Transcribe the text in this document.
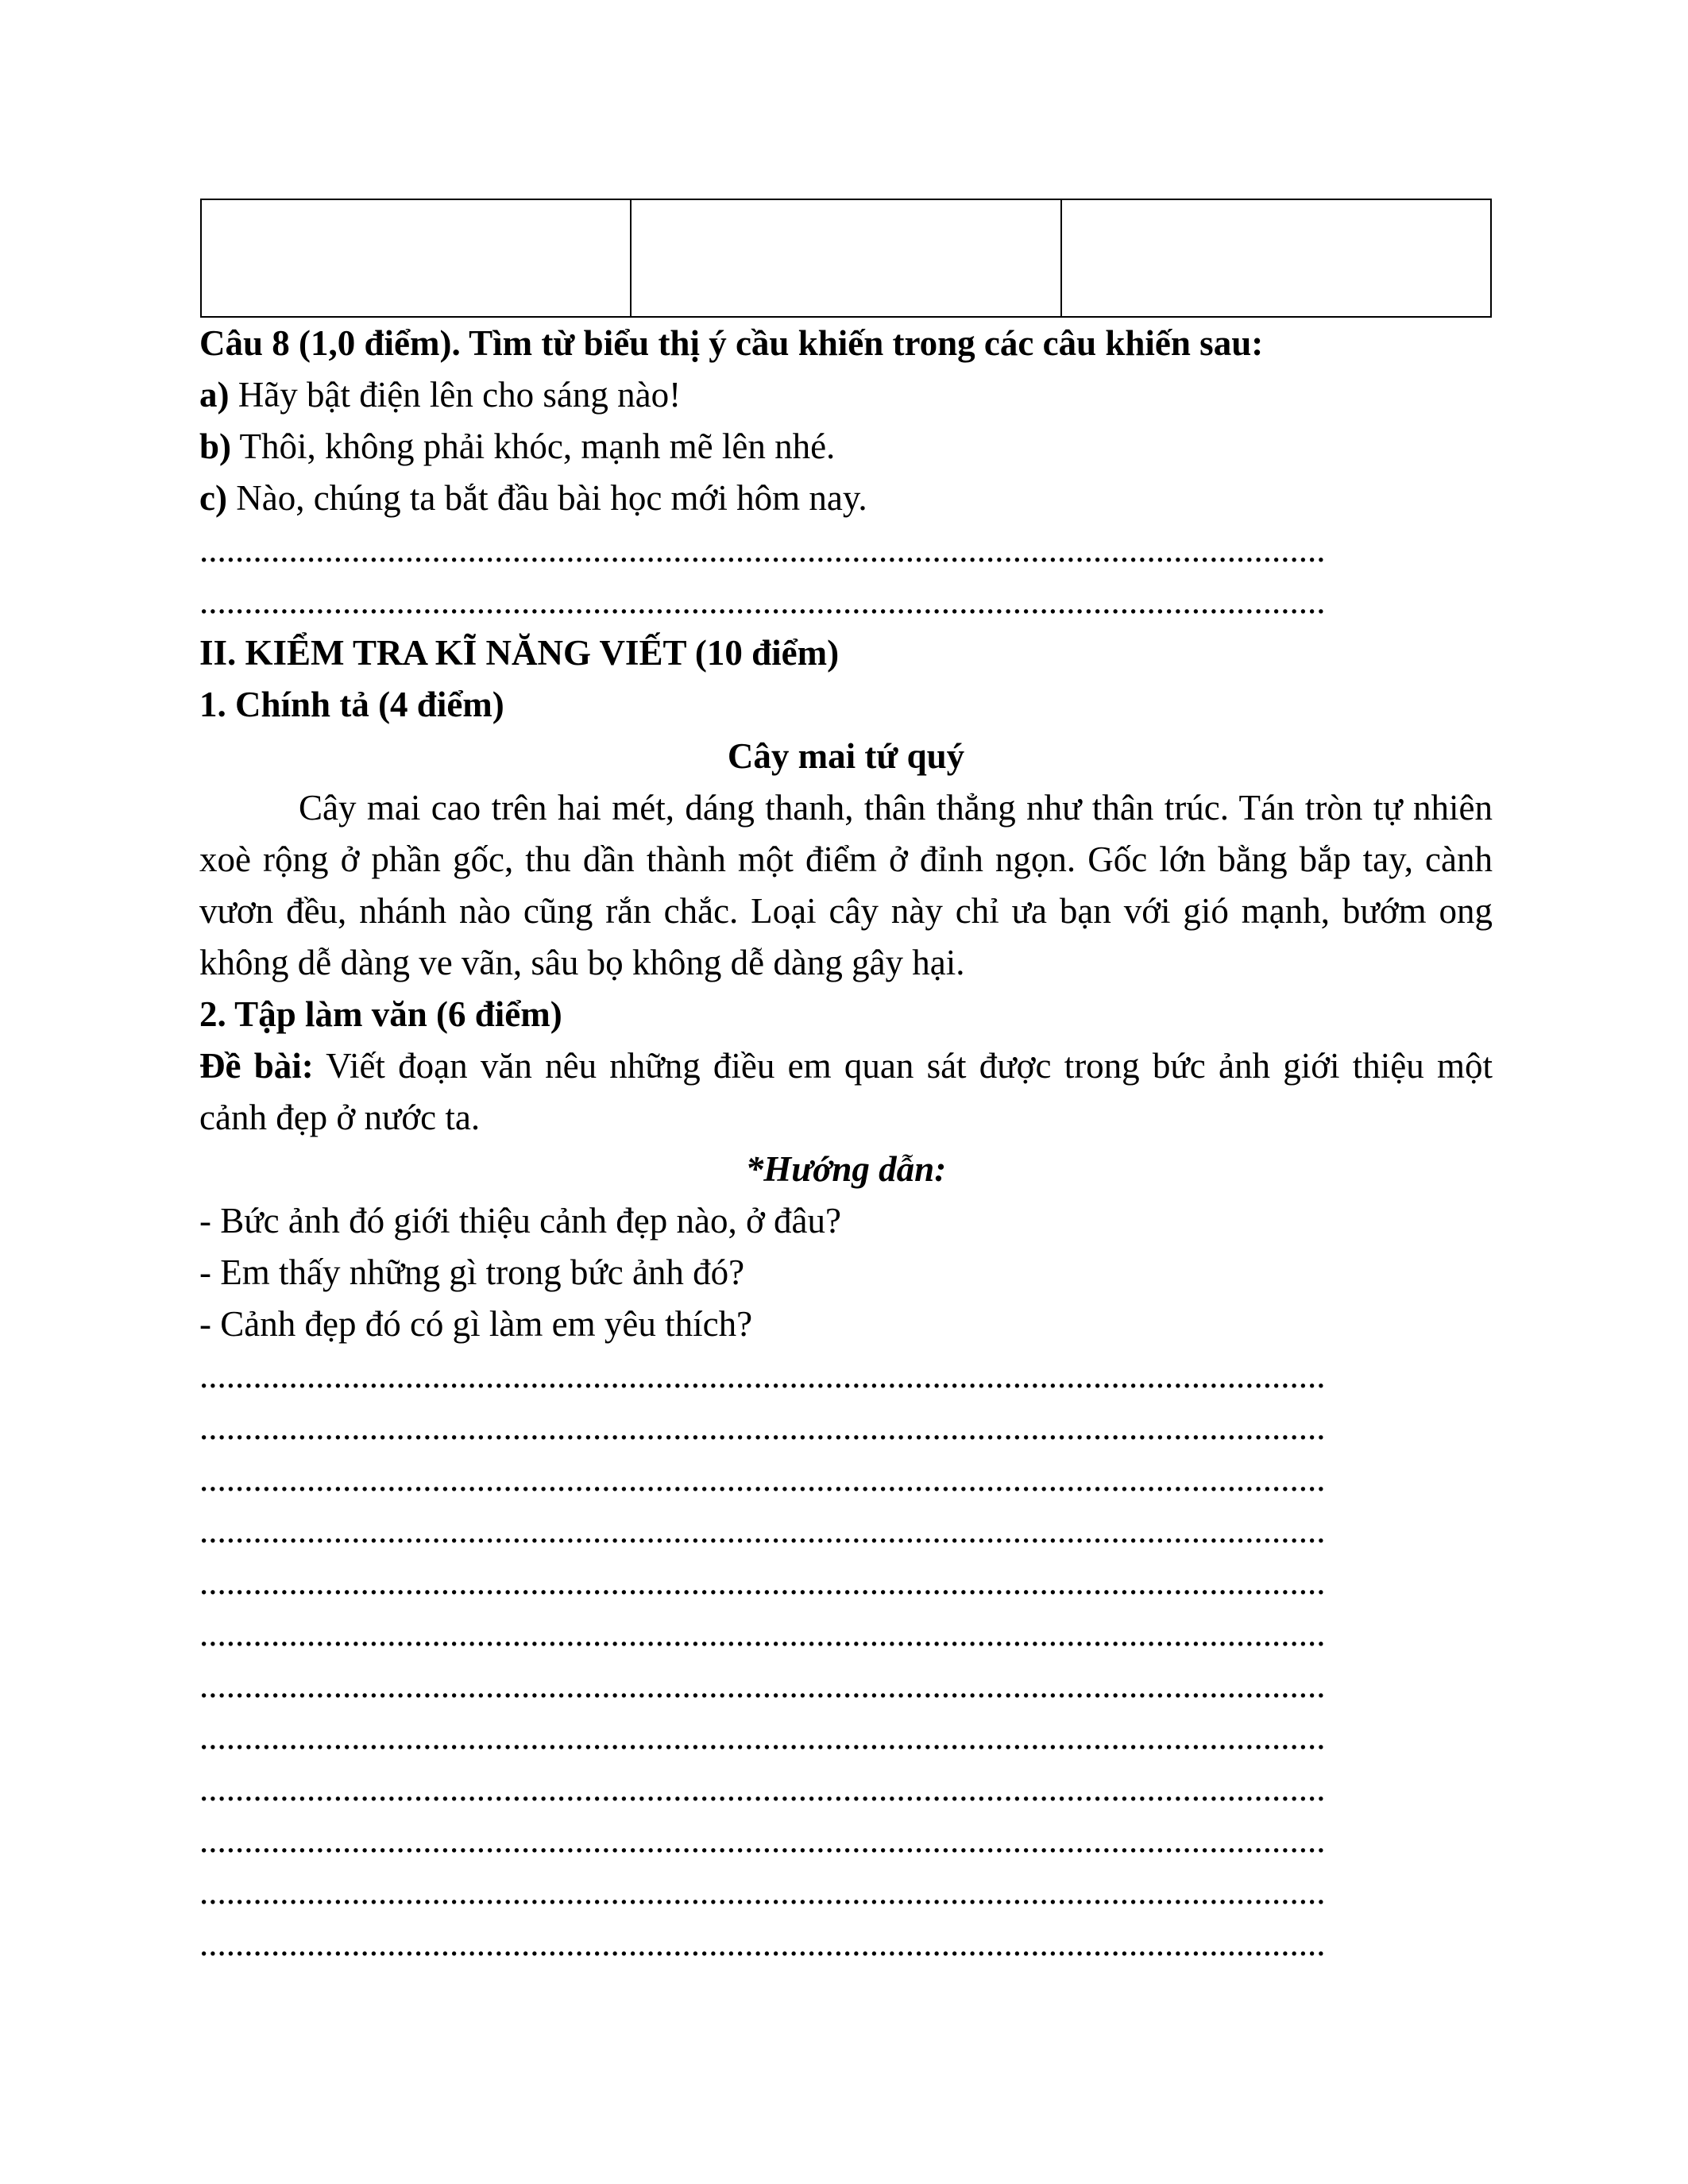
Câu 8 (1,0 điểm). Tìm từ biểu thị ý cầu khiến trong các câu khiến sau:

a) Hãy bật điện lên cho sáng nào!

b) Thôi, không phải khóc, mạnh mẽ lên nhé.

c) Nào, chúng ta bắt đầu bài học mới hôm nay.

..............................................................................................................................

..............................................................................................................................

II. KIỂM TRA KĨ NĂNG VIẾT (10 điểm)

1. Chính tả (4 điểm)

Cây mai tứ quý

Cây mai cao trên hai mét, dáng thanh, thân thẳng như thân trúc. Tán tròn tự nhiên xoè rộng ở phần gốc, thu dần thành một điểm ở đỉnh ngọn. Gốc lớn bằng bắp tay, cành vươn đều, nhánh nào cũng rắn chắc. Loại cây này chỉ ưa bạn với gió mạnh, bướm ong không dễ dàng ve vãn, sâu bọ không dễ dàng gây hại.

2. Tập làm văn (6 điểm)

Đề bài: Viết đoạn văn nêu những điều em quan sát được trong bức ảnh giới thiệu một cảnh đẹp ở nước ta.

*Hướng dẫn:

- Bức ảnh đó giới thiệu cảnh đẹp nào, ở đâu?

- Em thấy những gì trong bức ảnh đó?

- Cảnh đẹp đó có gì làm em yêu thích?

..............................................................................................................................

..............................................................................................................................

..............................................................................................................................

..............................................................................................................................

..............................................................................................................................

..............................................................................................................................

..............................................................................................................................

..............................................................................................................................

..............................................................................................................................

..............................................................................................................................

..............................................................................................................................

..............................................................................................................................
